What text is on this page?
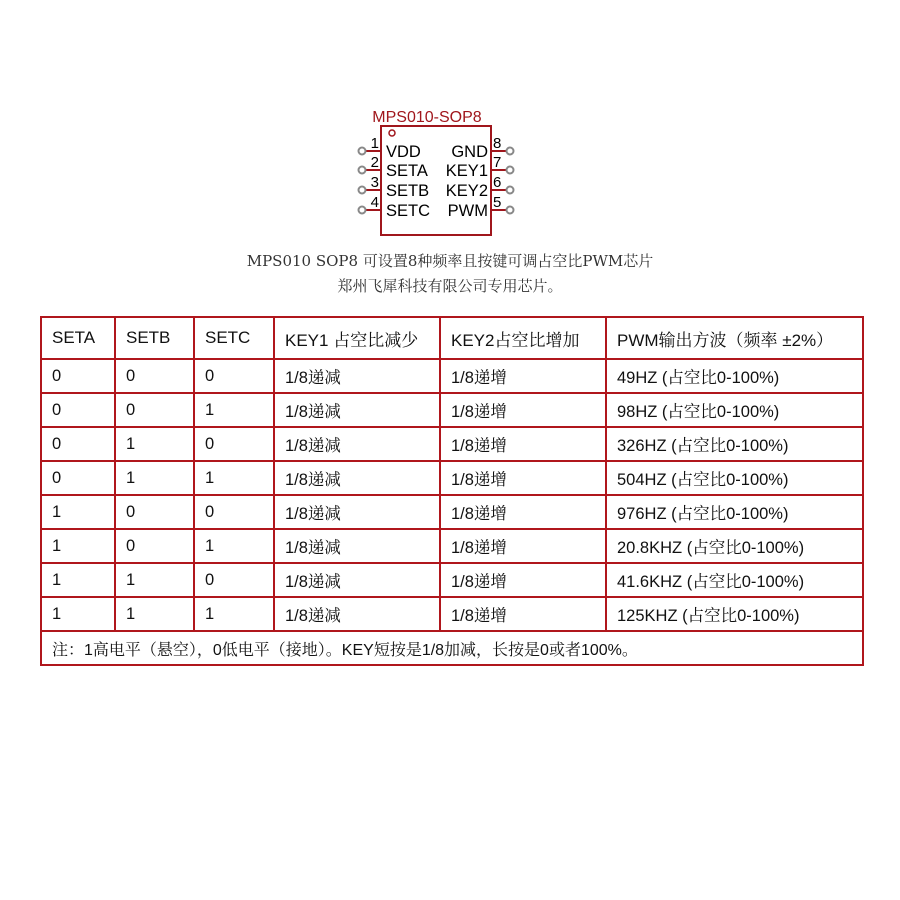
MPS010-SOP8
1 VDD
2 SETA
3 SETB
4 SETC
8
GND
7
KEY1
6
KEY2
5
PWM
MPS010 SOP8 可设置8种频率且按键可调占空比PWM芯片
郑州飞犀科技有限公司专用芯片。
SETA	SETB	SETC	KEY1 占空比减少	KEY2占空比增加	PWM输出方波（频率 ±2%）
0	0	0	1/8递减	1/8递增	49HZ (占空比0-100%)
0	0	1	1/8递减	1/8递增	98HZ (占空比0-100%)
0	1	0	1/8递减	1/8递增	326HZ (占空比0-100%)
0	1	1	1/8递减	1/8递增	504HZ (占空比0-100%)
1	0	0	1/8递减	1/8递增	976HZ (占空比0-100%)
1	0	1	1/8递减	1/8递增	20.8KHZ (占空比0-100%)
1	1	0	1/8递减	1/8递增	41.6KHZ (占空比0-100%)
1	1	1	1/8递减	1/8递增	125KHZ (占空比0-100%)
注：1高电平（悬空），0低电平（接地）。KEY短按是1/8加减，长按是0或者100%。					
